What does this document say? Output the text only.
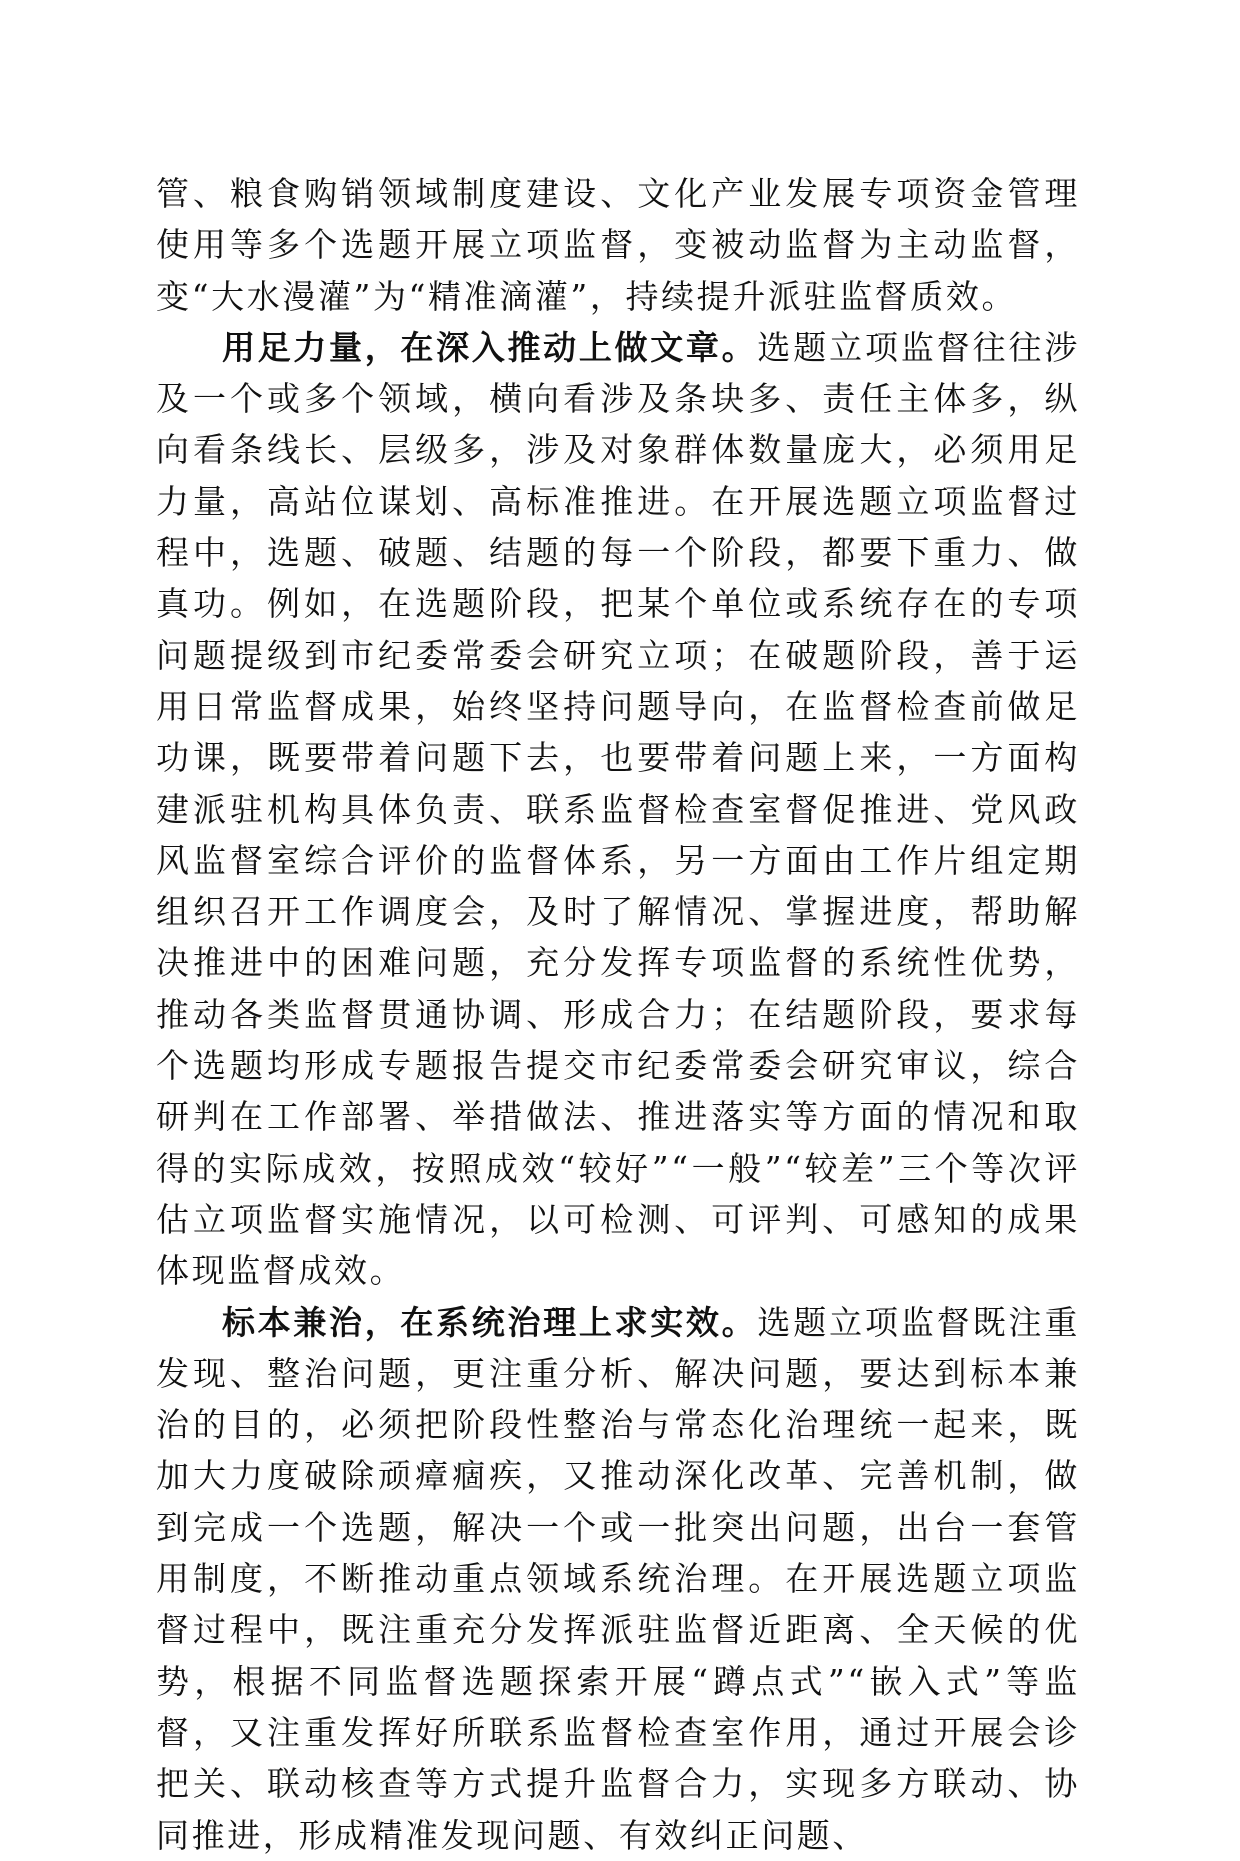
管、粮食购销领域制度建设、文化产业发展专项资金管理使用等多个选题开展立项监督，变被动监督为主动监督，变“大水漫灌”为“精准滴灌”，持续提升派驻监督质效。

用足力量，在深入推动上做文章。选题立项监督往往涉及一个或多个领域，横向看涉及条块多、责任主体多，纵向看条线长、层级多，涉及对象群体数量庞大，必须用足力量，高站位谋划、高标准推进。在开展选题立项监督过程中，选题、破题、结题的每一个阶段，都要下重力、做真功。例如，在选题阶段，把某个单位或系统存在的专项问题提级到市纪委常委会研究立项；在破题阶段，善于运用日常监督成果，始终坚持问题导向，在监督检查前做足功课，既要带着问题下去，也要带着问题上来，一方面构建派驻机构具体负责、联系监督检查室督促推进、党风政风监督室综合评价的监督体系，另一方面由工作片组定期组织召开工作调度会，及时了解情况、掌握进度，帮助解决推进中的困难问题，充分发挥专项监督的系统性优势，推动各类监督贯通协调、形成合力；在结题阶段，要求每个选题均形成专题报告提交市纪委常委会研究审议，综合研判在工作部署、举措做法、推进落实等方面的情况和取得的实际成效，按照成效“较好”“一般”“较差”三个等次评估立项监督实施情况，以可检测、可评判、可感知的成果体现监督成效。

标本兼治，在系统治理上求实效。选题立项监督既注重发现、整治问题，更注重分析、解决问题，要达到标本兼治的目的，必须把阶段性整治与常态化治理统一起来，既加大力度破除顽瘴痼疾，又推动深化改革、完善机制，做到完成一个选题，解决一个或一批突出问题，出台一套管用制度，不断推动重点领域系统治理。在开展选题立项监督过程中，既注重充分发挥派驻监督近距离、全天候的优势，根据不同监督选题探索开展“蹲点式”“嵌入式”等监督，又注重发挥好所联系监督检查室作用，通过开展会诊把关、联动核查等方式提升监督合力，实现多方联动、协同推进，形成精准发现问题、有效纠正问题、
